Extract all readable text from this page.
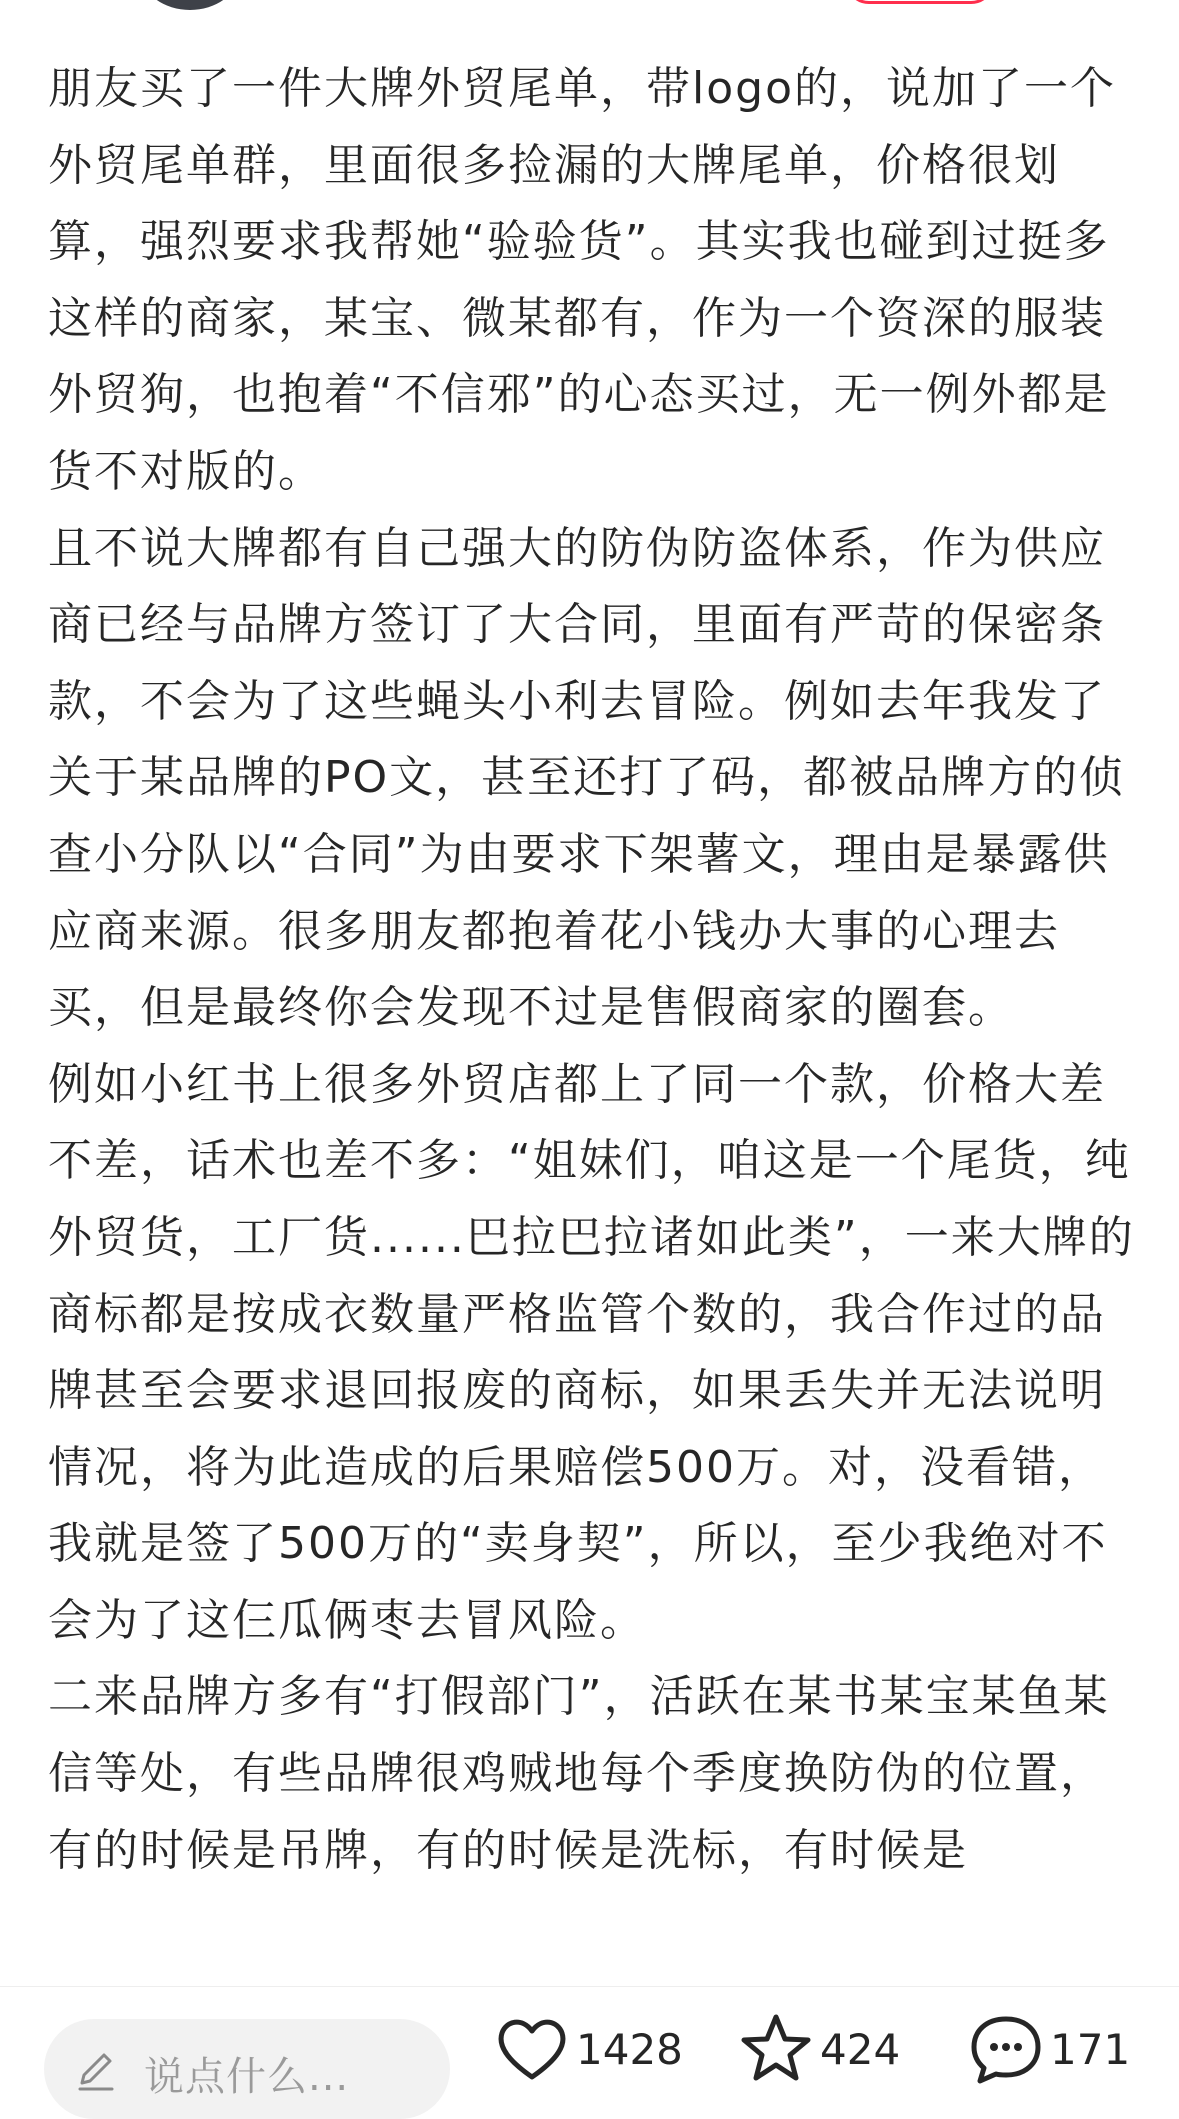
朋友买了一件大牌外贸尾单，带logo的，说加了一个外贸尾单群，里面很多捡漏的大牌尾单，价格很划算，强烈要求我帮她“验验货”。其实我也碰到过挺多这样的商家，某宝、微某都有，作为一个资深的服装外贸狗，也抱着“不信邪”的心态买过，无一例外都是货不对版的。

且不说大牌都有自己强大的防伪防盗体系，作为供应商已经与品牌方签订了大合同，里面有严苛的保密条款，不会为了这些蝇头小利去冒险。例如去年我发了关于某品牌的PO文，甚至还打了码，都被品牌方的侦查小分队以“合同”为由要求下架薯文，理由是暴露供应商来源。很多朋友都抱着花小钱办大事的心理去买，但是最终你会发现不过是售假商家的圈套。

例如小红书上很多外贸店都上了同一个款，价格大差不差，话术也差不多：“姐妹们，咱这是一个尾货，纯外贸货，工厂货......巴拉巴拉诸如此类”，一来大牌的商标都是按成衣数量严格监管个数的，我合作过的品牌甚至会要求退回报废的商标，如果丢失并无法说明情况，将为此造成的后果赔偿500万。对，没看错，我就是签了500万的“卖身契”，所以，至少我绝对不会为了这仨瓜俩枣去冒风险。

二来品牌方多有“打假部门”，活跃在某书某宝某鱼某信等处，有些品牌很鸡贼地每个季度换防伪的位置，有的时候是吊牌，有的时候是洗标，有时候是

说点什么...
1428	424	171
